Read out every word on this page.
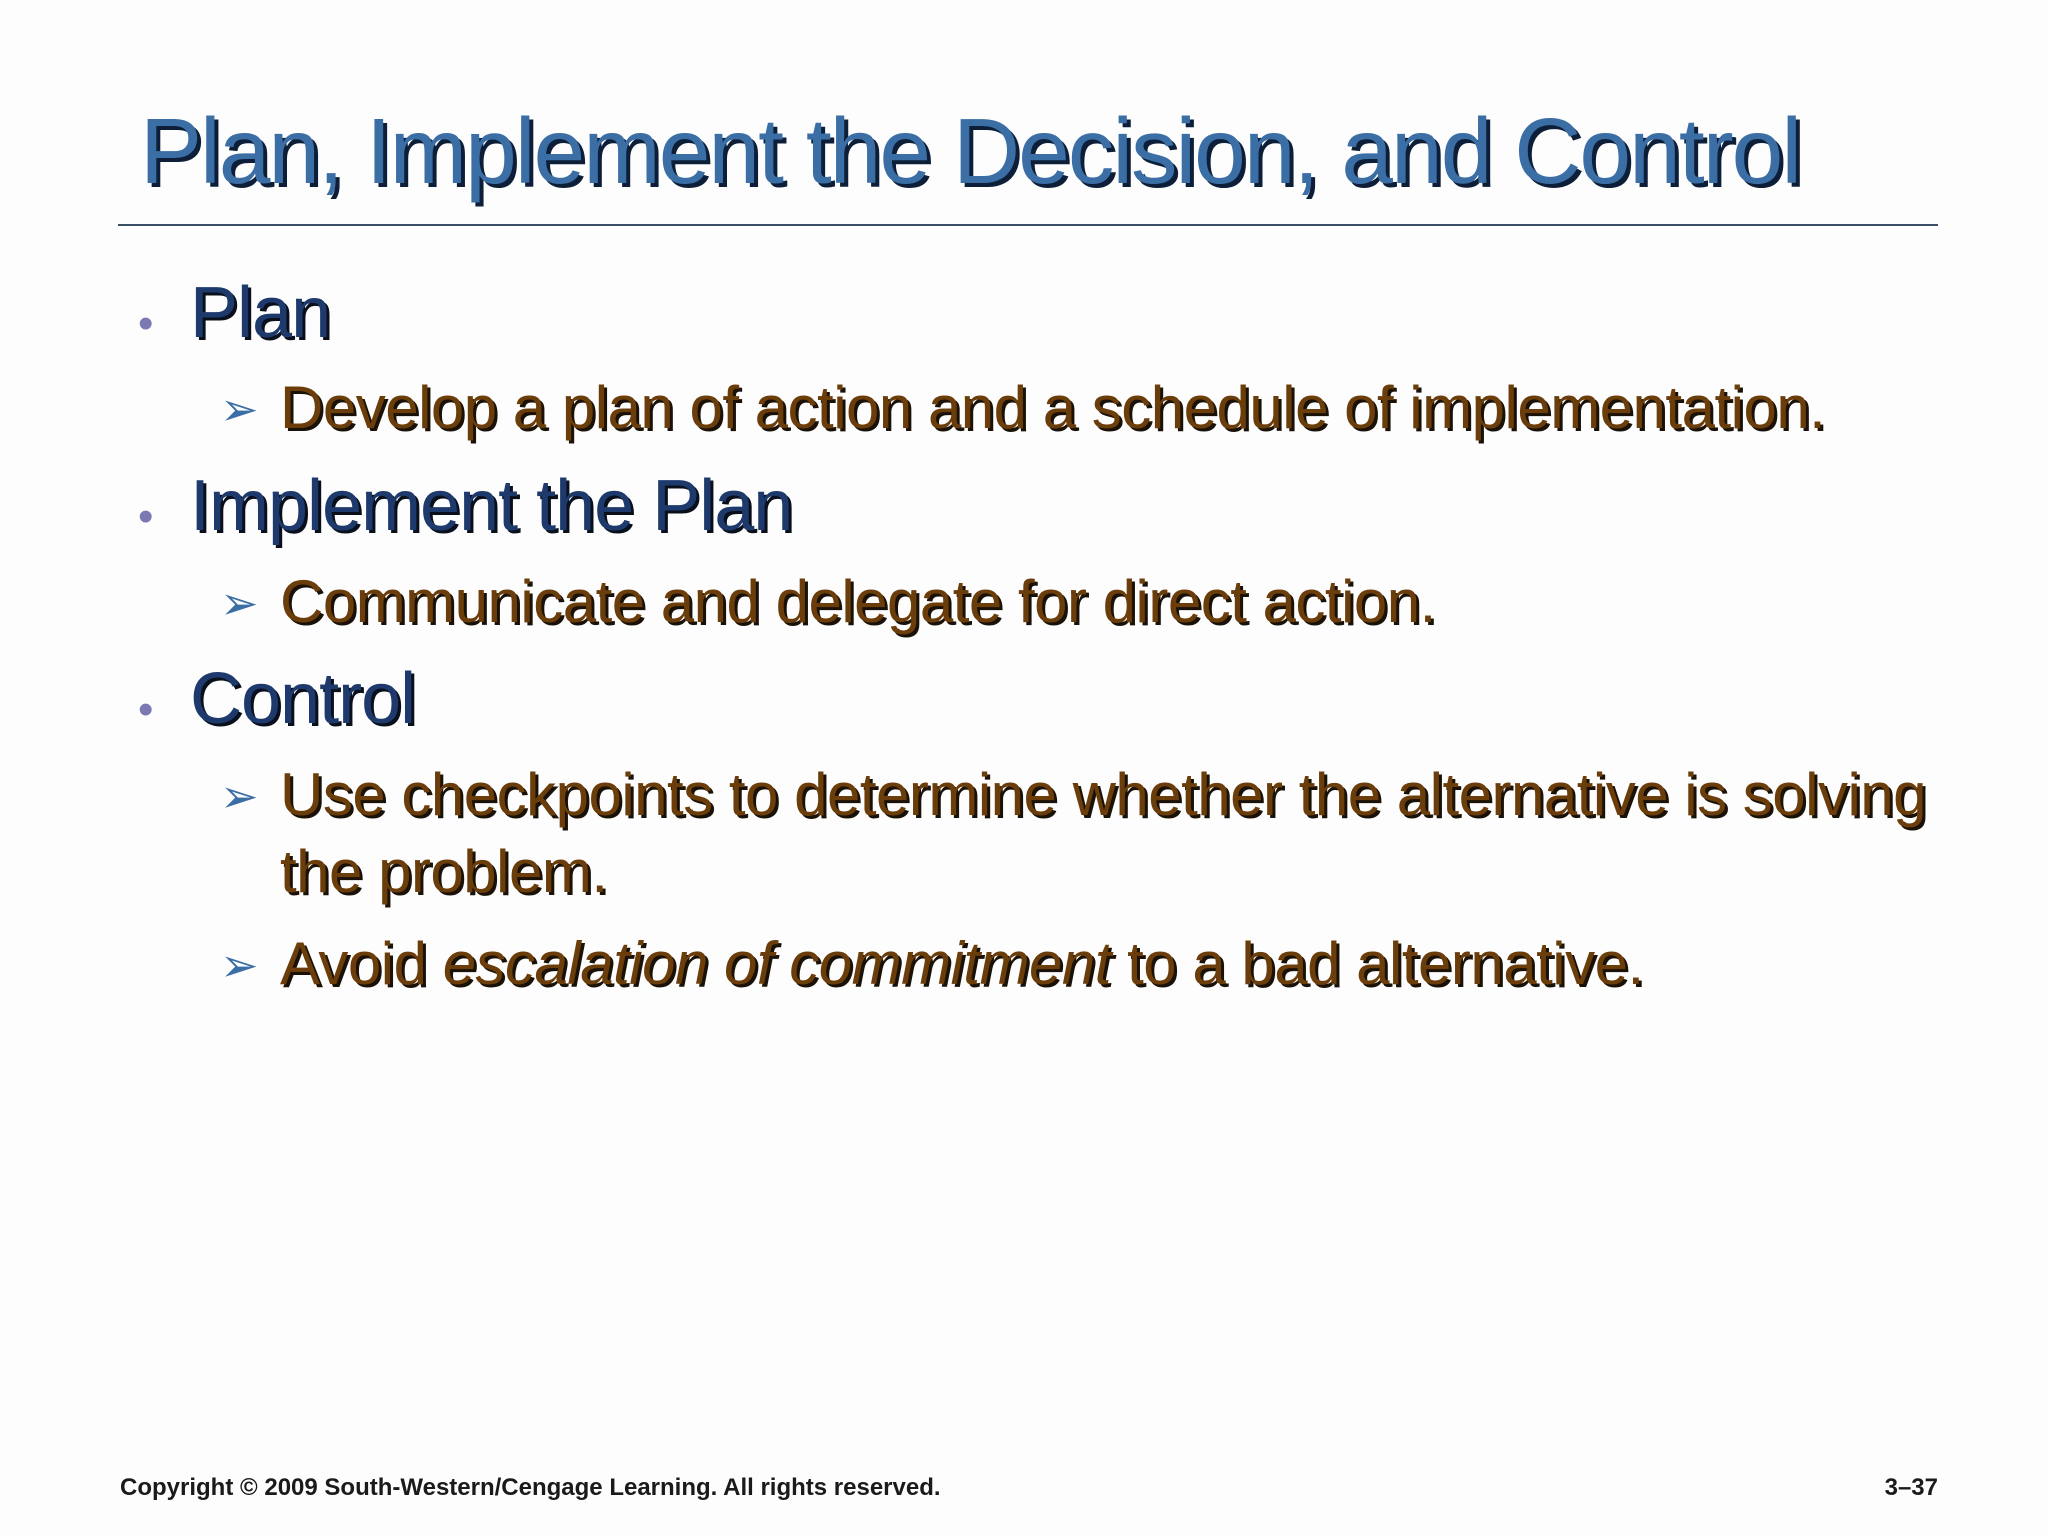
Plan, Implement the Decision, and Control
• Plan
➢ Develop a plan of action and a schedule of implementation.
• Implement the Plan
➢ Communicate and delegate for direct action.
• Control
➢ Use checkpoints to determine whether the alternative is solving the problem.
➢ Avoid escalation of commitment to a bad alternative.
Copyright © 2009 South-Western/Cengage Learning. All rights reserved.	3–37
